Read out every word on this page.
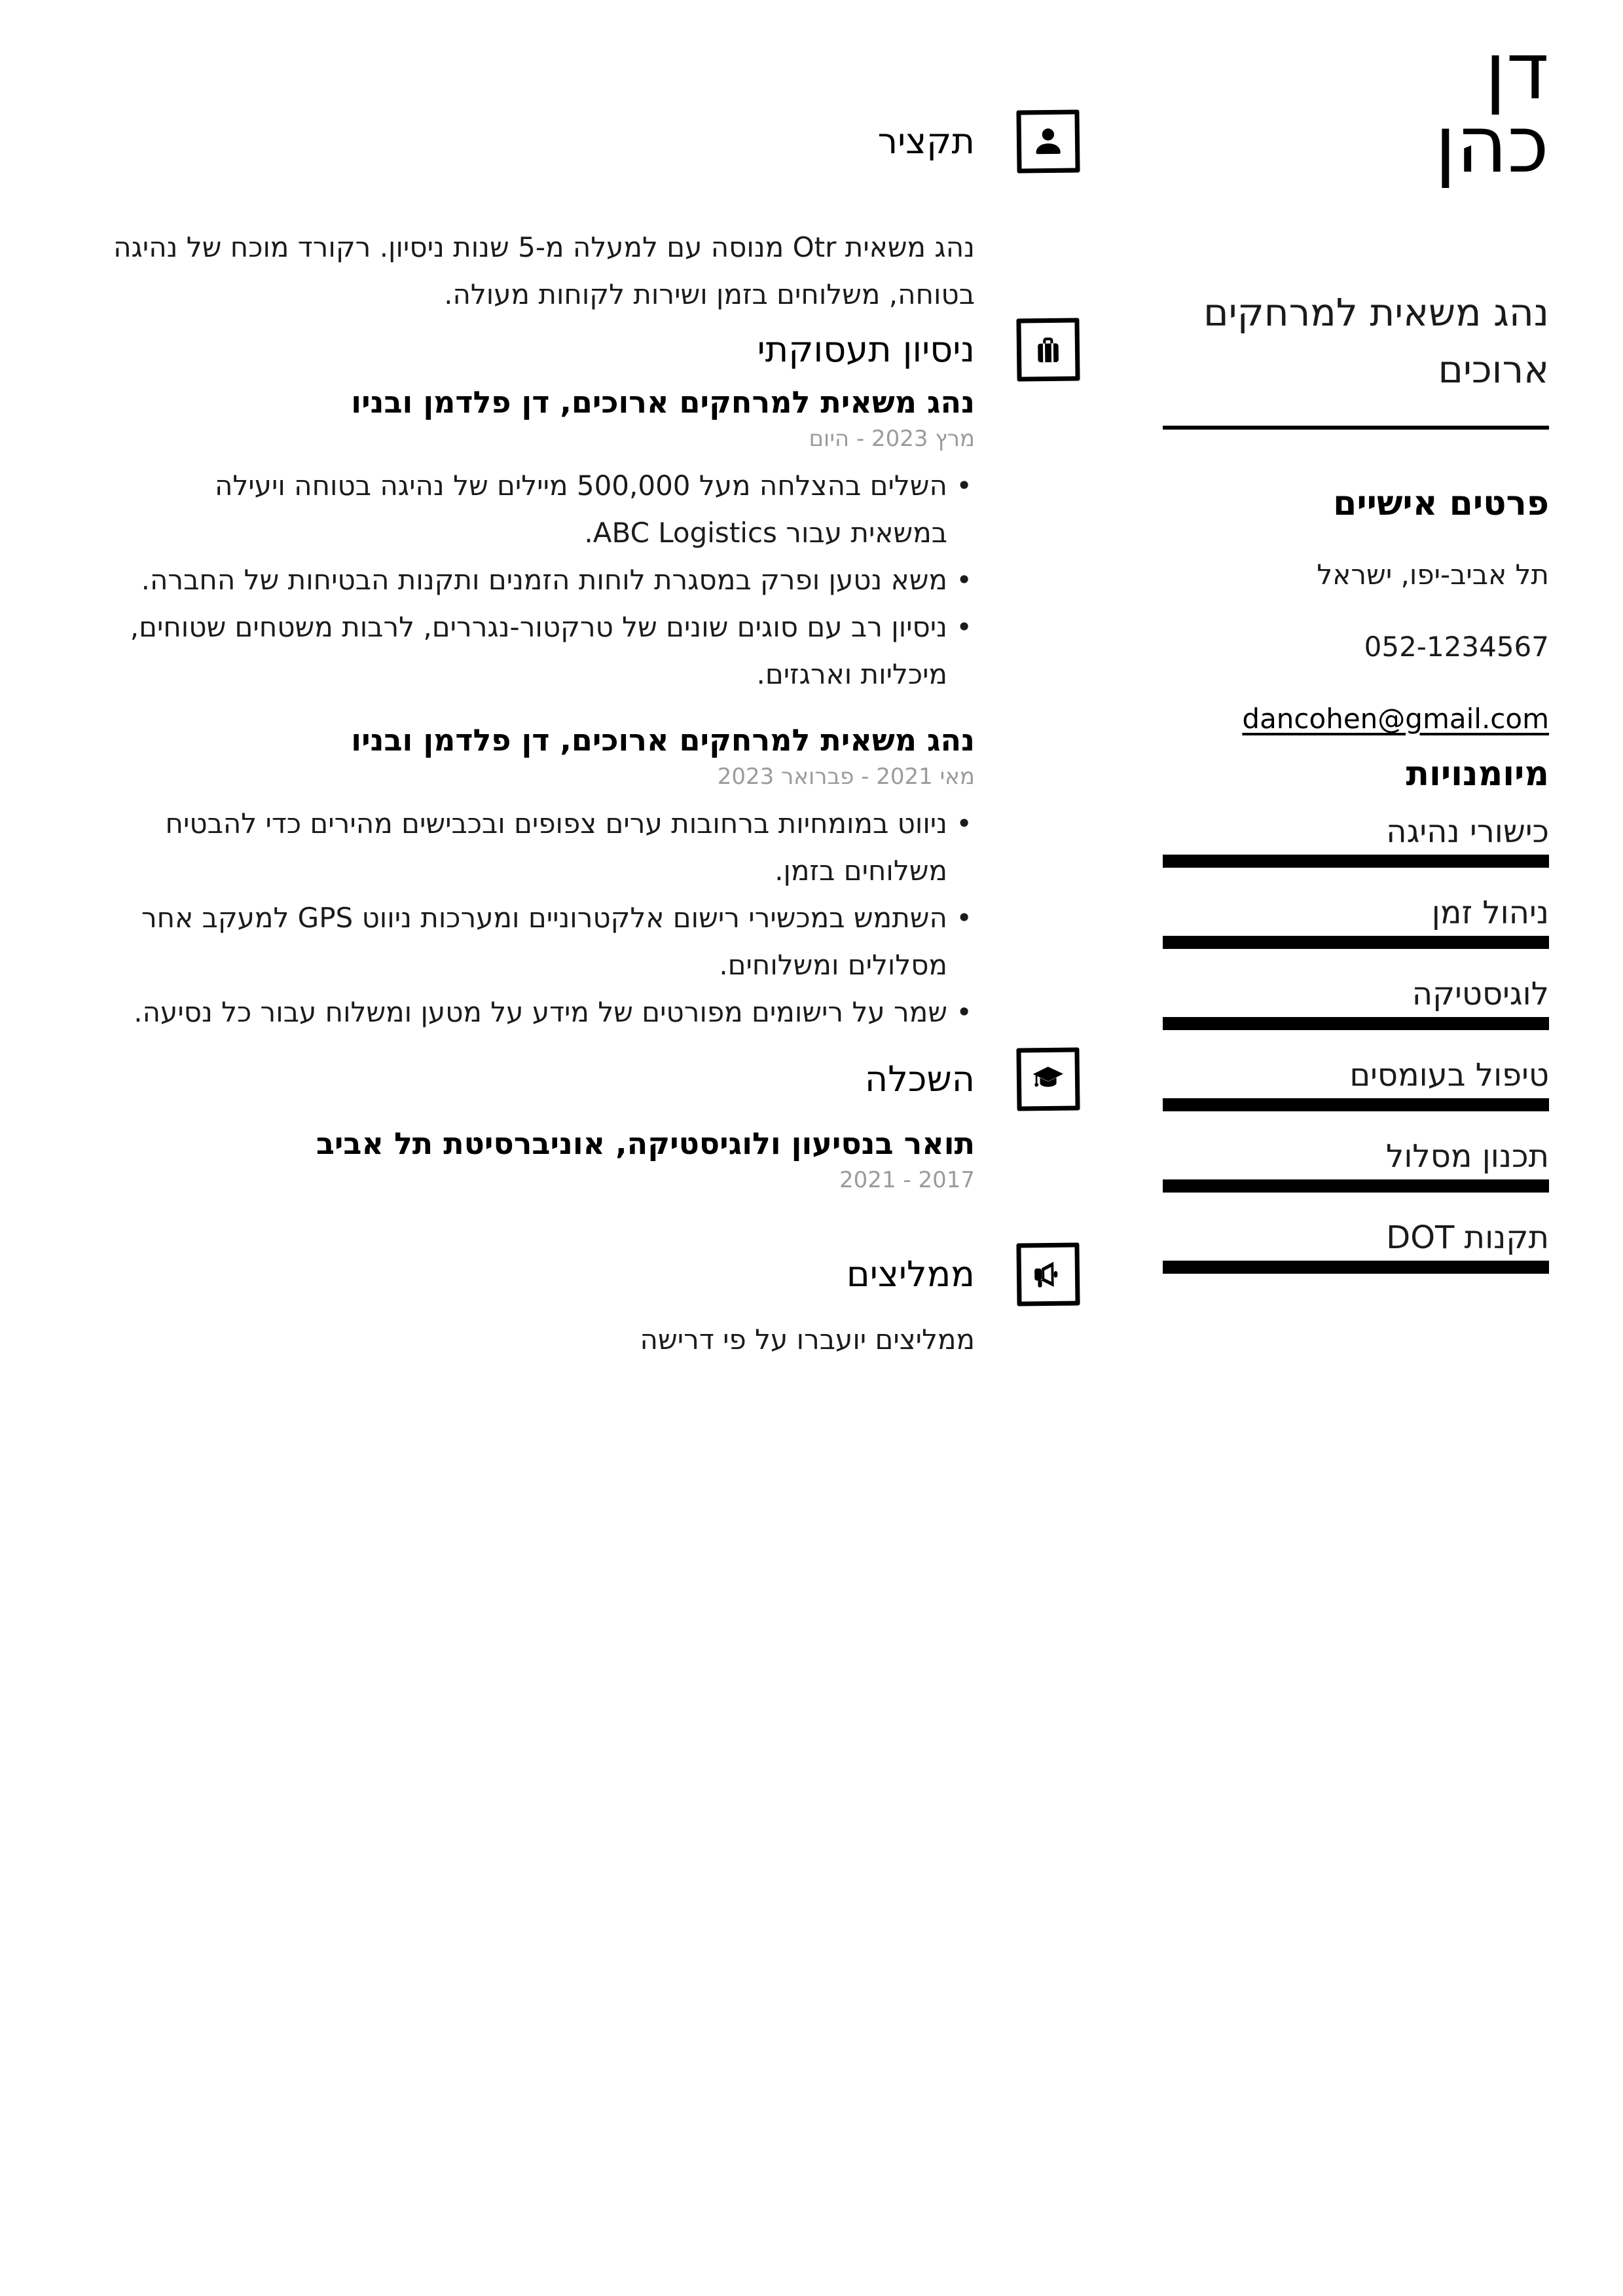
דן
כהן
נהג משאית למרחקים ארוכים
פרטים אישיים
תל אביב-יפו, ישראל
052-1234567
dancohen@gmail.com
מיומנויות
כישורי נהיגה
ניהול זמן
לוגיסטיקה
טיפול בעומסים
תכנון מסלול
תקנות DOT
תקציר

נהג משאית Otr מנוסה עם למעלה מ-5 שנות ניסיון. רקורד מוכח של נהיגה בטוחה, משלוחים בזמן ושירות לקוחות מעולה.

ניסיון תעסוקתי
נהג משאית למרחקים ארוכים, דן פלדמן ובניו
מרץ 2023 - היום
• השלים בהצלחה מעל 500,000 מיילים של נהיגה בטוחה ויעילה במשאית עבור ABC Logistics.
• משא נטען ופרק במסגרת לוחות הזמנים ותקנות הבטיחות של החברה.
• ניסיון רב עם סוגים שונים של טרקטור-נגררים, לרבות משטחים שטוחים, מיכליות וארגזים.
נהג משאית למרחקים ארוכים, דן פלדמן ובניו
מאי 2021 - פברואר 2023
• ניווט במומחיות ברחובות ערים צפופים ובכבישים מהירים כדי להבטיח משלוחים בזמן.
• השתמש במכשירי רישום אלקטרוניים ומערכות ניווט GPS למעקב אחר מסלולים ומשלוחים.
• שמר על רישומים מפורטים של מידע על מטען ומשלוח עבור כל נסיעה.
השכלה
תואר בנסיעון ולוגיסטיקה, אוניברסיטת תל אביב
2017 - 2021
ממליצים

ממליצים יועברו על פי דרישה
